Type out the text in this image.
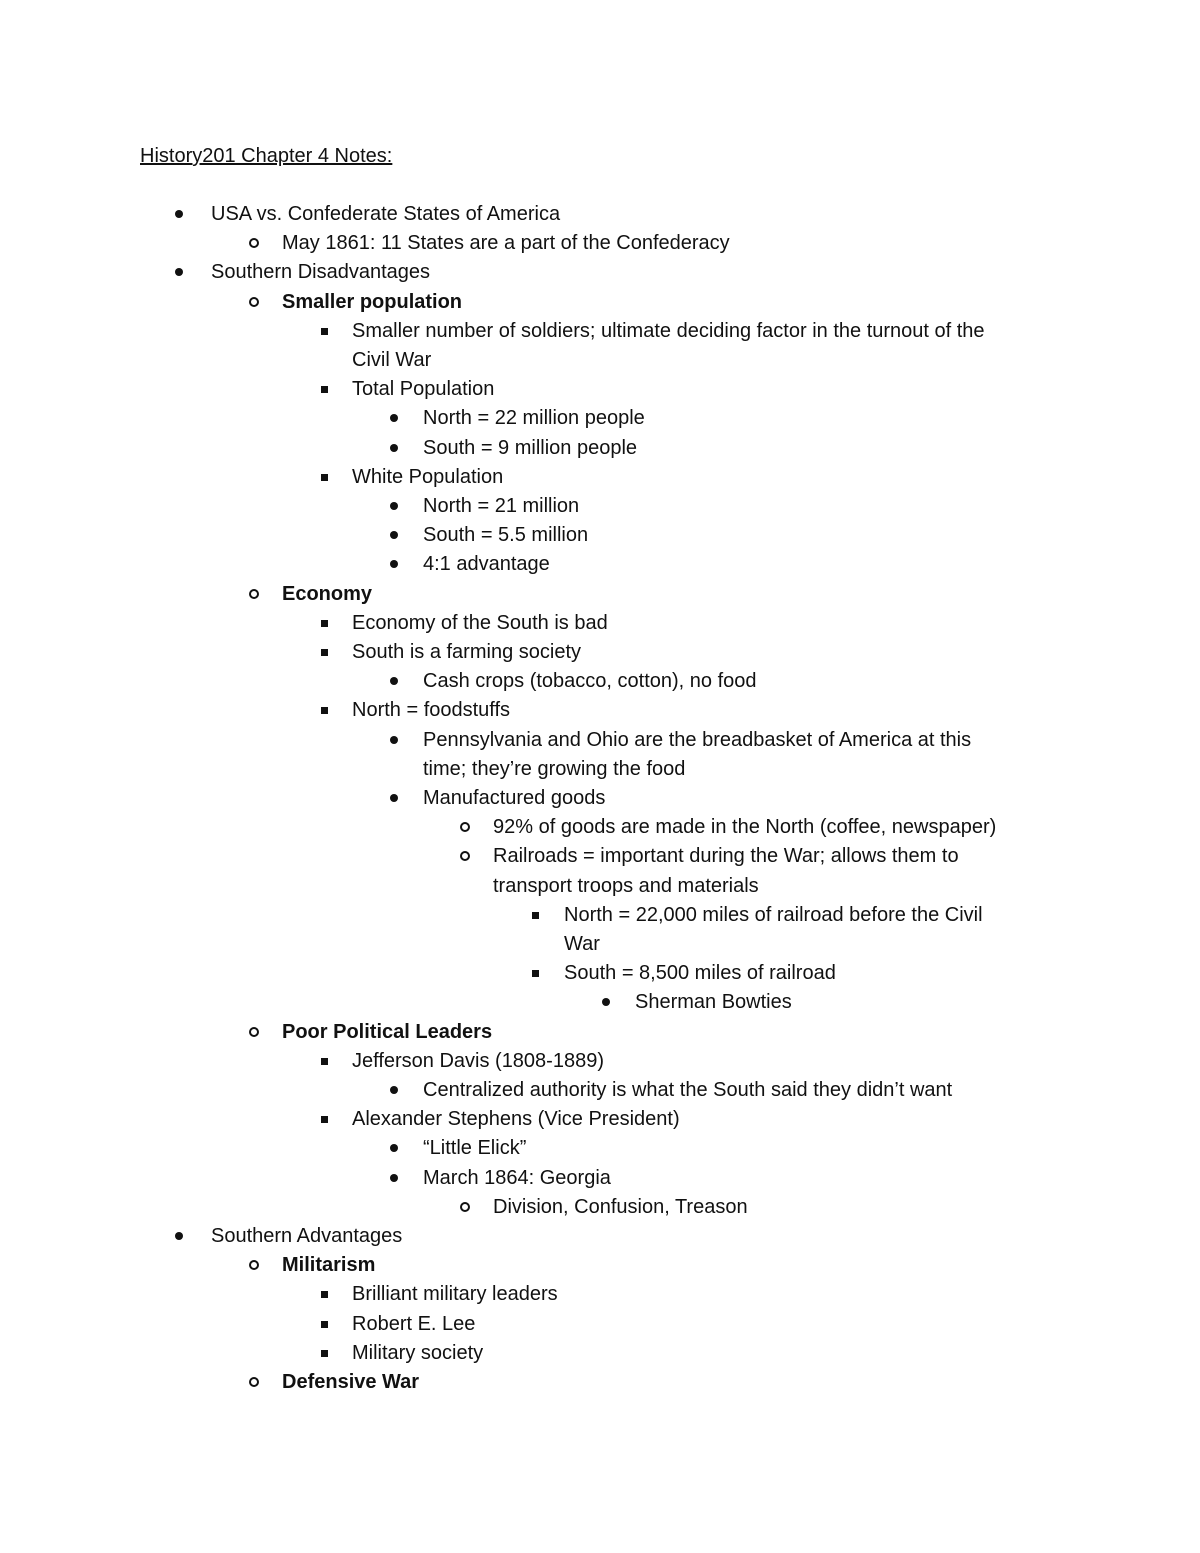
History201 Chapter 4 Notes:
USA vs. Confederate States of America
May 1861: 11 States are a part of the Confederacy
Southern Disadvantages
Smaller population
Smaller number of soldiers; ultimate deciding factor in the turnout of the
Civil War
Total Population
North = 22 million people
South = 9 million people
White Population
North = 21 million
South = 5.5 million
4:1 advantage
Economy
Economy of the South is bad
South is a farming society
Cash crops (tobacco, cotton), no food
North = foodstuffs
Pennsylvania and Ohio are the breadbasket of America at this
time; they’re growing the food
Manufactured goods
92% of goods are made in the North (coffee, newspaper)
Railroads = important during the War; allows them to
transport troops and materials
North = 22,000 miles of railroad before the Civil
War
South = 8,500 miles of railroad
Sherman Bowties
Poor Political Leaders
Jefferson Davis (1808-1889)
Centralized authority is what the South said they didn’t want
Alexander Stephens (Vice President)
“Little Elick”
March 1864: Georgia
Division, Confusion, Treason
Southern Advantages
Militarism
Brilliant military leaders
Robert E. Lee
Military society
Defensive War
